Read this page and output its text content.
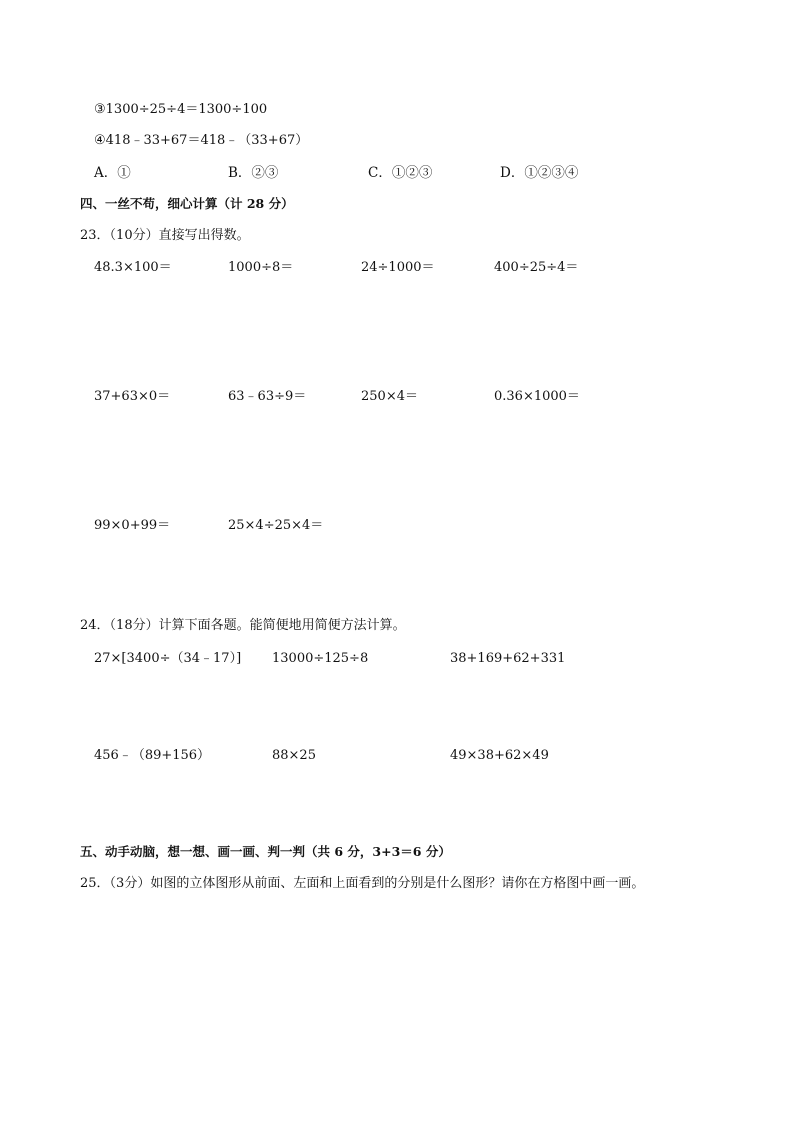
③1300÷25÷4＝1300÷100
④418﹣33+67＝418﹣（33+67）
A．①	B．②③	C．①②③	D．①②③④
四、一丝不苟，细心计算（计 28 分）
23．（10分）直接写出得数。
48.3×100＝	1000÷8＝	24÷1000＝	400÷25÷4＝
37+63×0＝	63﹣63÷9＝	250×4＝	0.36×1000＝
99×0+99＝	25×4÷25×4＝
24．（18分）计算下面各题。能简便地用简便方法计算。
27×[3400÷（34﹣17）] 13000÷125÷8	38+169+62+331
456﹣（89+156）	88×25	49×38+62×49
五、动手动脑，想一想、画一画、判一判（共 6 分，3+3＝6 分）
25．（3分）如图的立体图形从前面、左面和上面看到的分别是什么图形？请你在方格图中画一画。
